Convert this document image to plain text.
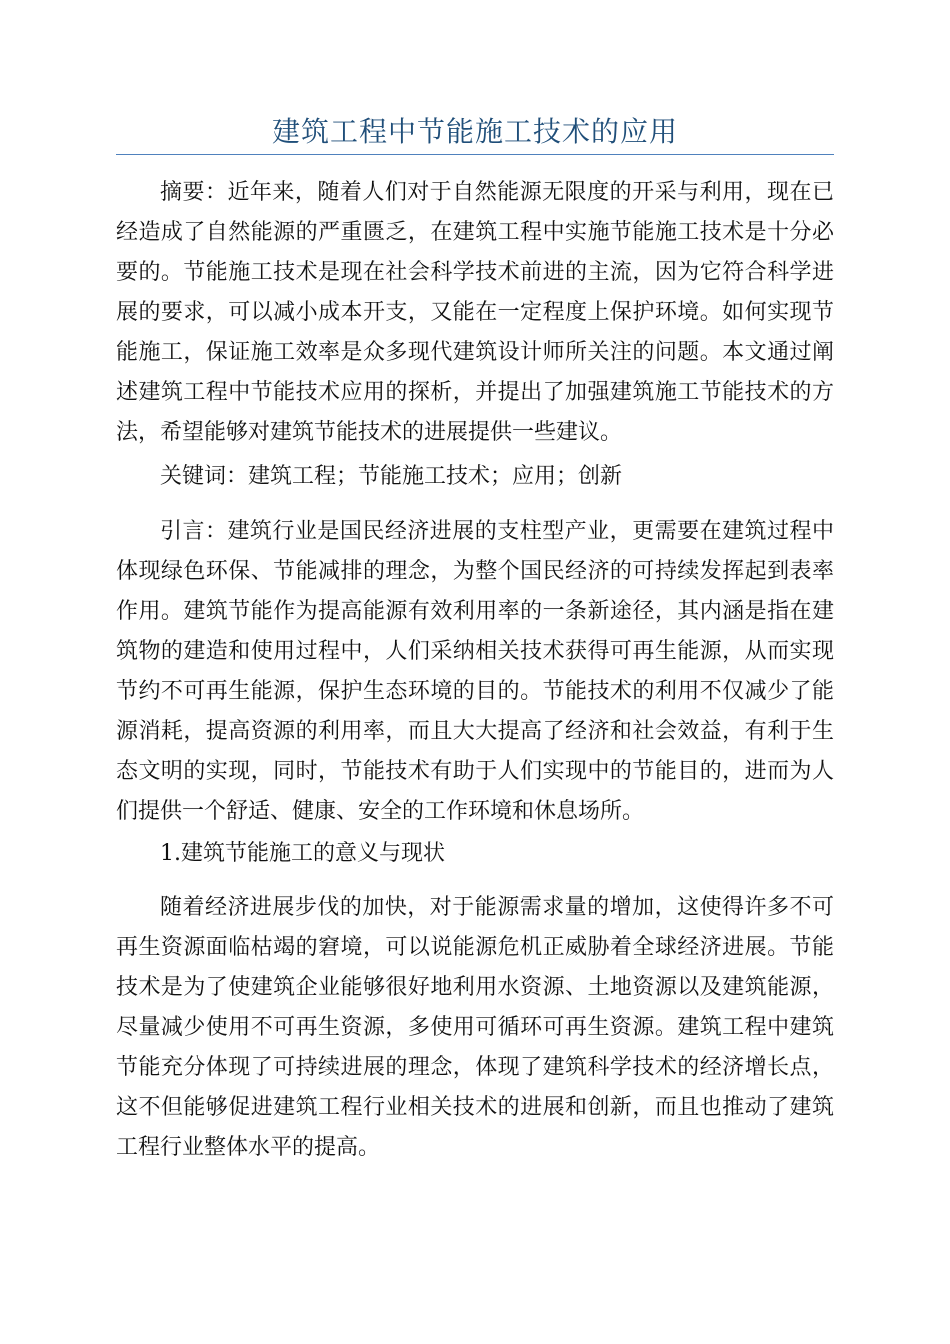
建筑工程中节能施工技术的应用

摘要：近年来，随着人们对于自然能源无限度的开采与利用，现在已经造成了自然能源的严重匮乏，在建筑工程中实施节能施工技术是十分必要的。节能施工技术是现在社会科学技术前进的主流，因为它符合科学进展的要求，可以减小成本开支，又能在一定程度上保护环境。如何实现节能施工，保证施工效率是众多现代建筑设计师所关注的问题。本文通过阐述建筑工程中节能技术应用的探析，并提出了加强建筑施工节能技术的方法，希望能够对建筑节能技术的进展提供一些建议。

关键词：建筑工程；节能施工技术；应用；创新

引言：建筑行业是国民经济进展的支柱型产业，更需要在建筑过程中体现绿色环保、节能减排的理念，为整个国民经济的可持续发挥起到表率作用。建筑节能作为提高能源有效利用率的一条新途径，其内涵是指在建筑物的建造和使用过程中，人们采纳相关技术获得可再生能源，从而实现节约不可再生能源，保护生态环境的目的。节能技术的利用不仅减少了能源消耗，提高资源的利用率，而且大大提高了经济和社会效益，有利于生态文明的实现，同时，节能技术有助于人们实现中的节能目的，进而为人们提供一个舒适、健康、安全的工作环境和休息场所。

1.建筑节能施工的意义与现状

随着经济进展步伐的加快，对于能源需求量的增加，这使得许多不可再生资源面临枯竭的窘境，可以说能源危机正威胁着全球经济进展。节能技术是为了使建筑企业能够很好地利用水资源、土地资源以及建筑能源，尽量减少使用不可再生资源，多使用可循环可再生资源。建筑工程中建筑节能充分体现了可持续进展的理念，体现了建筑科学技术的经济增长点，这不但能够促进建筑工程行业相关技术的进展和创新，而且也推动了建筑工程行业整体水平的提高。
